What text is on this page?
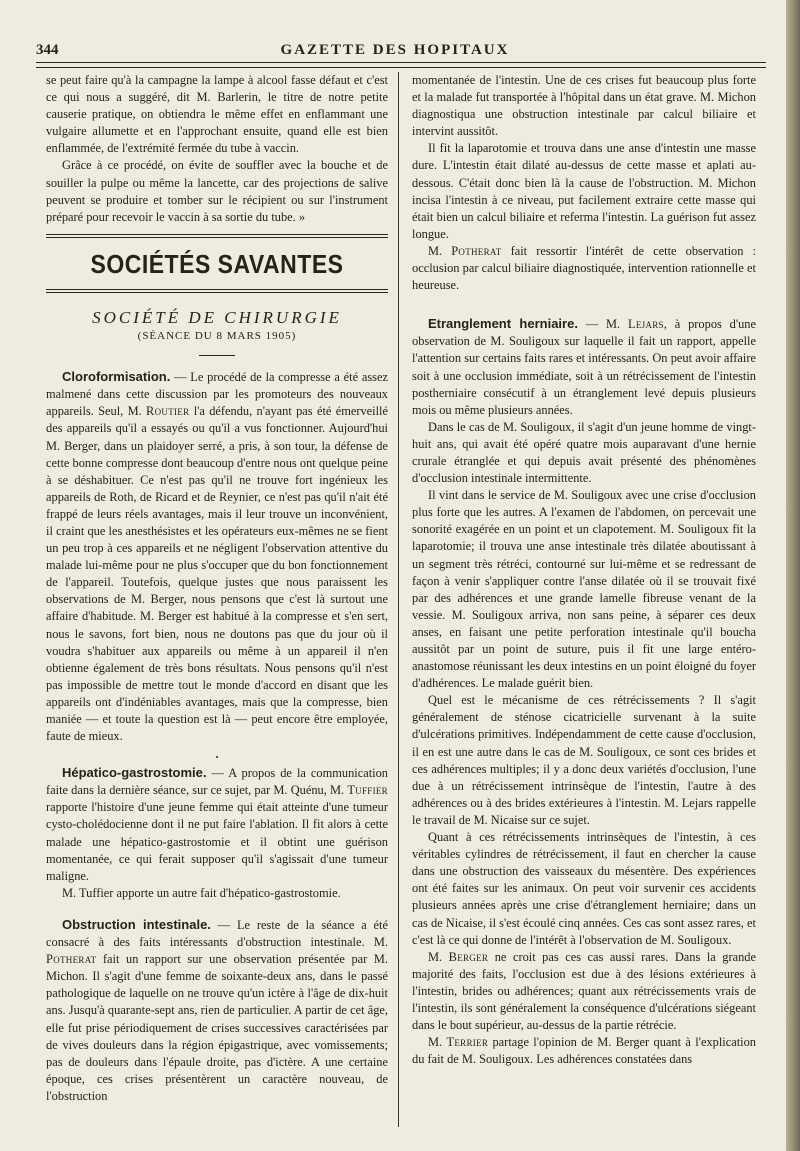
344	GAZETTE DES HOPITAUX

se peut faire qu'à la campagne la lampe à alcool fasse défaut et c'est ce qui nous a suggéré, dit M. Barlerin, le titre de notre petite causerie pratique, on obtiendra le même effet en enflammant une vulgaire allumette et en l'approchant ensuite, quand elle est bien enflammée, de l'extrémité fermée du tube à vaccin.

Grâce à ce procédé, on évite de souffler avec la bouche et de souiller la pulpe ou même la lancette, car des projections de salive peuvent se produire et tomber sur le récipient ou sur l'instrument préparé pour recevoir le vaccin à sa sortie du tube. »

SOCIÉTÉS SAVANTES
SOCIÉTÉ DE CHIRURGIE
(SÉANCE DU 8 MARS 1905)

Cloroformisation. — Le procédé de la compresse a été assez malmené dans cette discussion par les promoteurs des nouveaux appareils. Seul, M. Routier l'a défendu, n'ayant pas été émerveillé des appareils qu'il a essayés ou qu'il a vus fonctionner. Aujourd'hui M. Berger, dans un plaidoyer serré, a pris, à son tour, la défense de cette bonne compresse dont beaucoup d'entre nous ont quelque peine à se déshabituer. Ce n'est pas qu'il ne trouve fort ingénieux les appareils de Roth, de Ricard et de Reynier, ce n'est pas qu'il n'ait été frappé de leurs réels avantages, mais il leur trouve un inconvénient, il craint que les anesthésistes et les opérateurs eux-mêmes ne se fient un peu trop à ces appareils et ne négligent l'observation attentive du malade lui-même pour ne plus s'occuper que du bon fonctionnement de l'appareil. Toutefois, quelque justes que nous paraissent les observations de M. Berger, nous pensons que c'est là surtout une affaire d'habitude. M. Berger est habitué à la compresse et s'en sert, nous le savons, fort bien, nous ne doutons pas que du jour où il voudra s'habituer aux appareils ou même à un appareil il n'en obtienne également de très bons résultats. Nous pensons qu'il n'est pas impossible de mettre tout le monde d'accord en disant que les appareils ont d'indéniables avantages, mais que la compresse, bien maniée — et toute la question est là — peut encore être employée, faute de mieux.

•

Hépatico-gastrostomie. — A propos de la communication faite dans la dernière séance, sur ce sujet, par M. Quénu, M. Tuffier rapporte l'histoire d'une jeune femme qui était atteinte d'une tumeur cysto-cholédocienne dont il ne put faire l'ablation. Il fit alors à cette malade une hépatico-gastrostomie et il obtint une guérison momentanée, ce qui ferait supposer qu'il s'agissait d'une tumeur maligne.

M. Tuffier apporte un autre fait d'hépatico-gastrostomie.

Obstruction intestinale. — Le reste de la séance a été consacré à des faits intéressants d'obstruction intestinale. M. Potherat fait un rapport sur une observation présentée par M. Michon. Il s'agit d'une femme de soixante-deux ans, dans le passé pathologique de laquelle on ne trouve qu'un ictère à l'âge de dix-huit ans. Jusqu'à quarante-sept ans, rien de particulier. A partir de cet âge, elle fut prise périodiquement de crises successives caractérisées par de vives douleurs dans la région épigastrique, avec vomissements; pas de douleurs dans l'épaule droite, pas d'ictère. A une certaine époque, ces crises présentèrent un caractère nouveau, de l'obstruction

momentanée de l'intestin. Une de ces crises fut beaucoup plus forte et la malade fut transportée à l'hôpital dans un état grave. M. Michon diagnostiqua une obstruction intestinale par calcul biliaire et intervint aussitôt.

Il fit la laparotomie et trouva dans une anse d'intestin une masse dure. L'intestin était dilaté au-dessus de cette masse et aplati au-dessous. C'était donc bien là la cause de l'obstruction. M. Michon incisa l'intestin à ce niveau, put facilement extraire cette masse qui était bien un calcul biliaire et referma l'intestin. La guérison fut assez longue.

M. Potherat fait ressortir l'intérêt de cette observation : occlusion par calcul biliaire diagnostiquée, intervention rationnelle et heureuse.

Etranglement herniaire. — M. Lejars, à propos d'une observation de M. Souligoux sur laquelle il fait un rapport, appelle l'attention sur certains faits rares et intéressants. On peut avoir affaire soit à une occlusion immédiate, soit à un rétrécissement de l'intestin postherniaire consécutif à un étranglement levé depuis plusieurs mois ou même plusieurs années.

Dans le cas de M. Souligoux, il s'agit d'un jeune homme de vingt-huit ans, qui avait été opéré quatre mois auparavant d'une hernie crurale étranglée et qui depuis avait présenté des phénomènes d'occlusion intestinale intermittente.

Il vint dans le service de M. Souligoux avec une crise d'occlusion plus forte que les autres. A l'examen de l'abdomen, on percevait une sonorité exagérée en un point et un clapotement. M. Souligoux fit la laparotomie; il trouva une anse intestinale très dilatée aboutissant à un segment très rétréci, contourné sur lui-même et se redressant de façon à venir s'appliquer contre l'anse dilatée où il se trouvait fixé par des adhérences et une grande lamelle fibreuse venant de la vessie. M. Souligoux arriva, non sans peine, à séparer ces deux anses, en faisant une petite perforation intestinale qu'il boucha aussitôt par un point de suture, puis il fit une large entéro-anastomose réunissant les deux intestins en un point éloigné du foyer d'adhérences. Le malade guérit bien.

Quel est le mécanisme de ces rétrécissements ? Il s'agit généralement de sténose cicatricielle survenant à la suite d'ulcérations primitives. Indépendamment de cette cause d'occlusion, il en est une autre dans le cas de M. Souligoux, ce sont ces brides et ces adhérences multiples; il y a donc deux variétés d'occlusion, l'une due à un rétrécissement intrinsèque de l'intestin, l'autre à des adhérences ou à des brides extérieures à l'intestin. M. Lejars rappelle le travail de M. Nicaise sur ce sujet.

Quant à ces rétrécissements intrinsèques de l'intestin, à ces véritables cylindres de rétrécissement, il faut en chercher la cause dans une obstruction des vaisseaux du mésentère. Des expériences ont été faites sur les animaux. On peut voir survenir ces accidents plusieurs années après une crise d'étranglement herniaire; dans un cas de Nicaise, il s'est écoulé cinq années. Ces cas sont assez rares, et c'est là ce qui donne de l'intérêt à l'observation de M. Souligoux.

M. Berger ne croit pas ces cas aussi rares. Dans la grande majorité des faits, l'occlusion est due à des lésions extérieures à l'intestin, brides ou adhérences; quant aux rétrécissements vrais de l'intestin, ils sont généralement la conséquence d'ulcérations siégeant dans le bout supérieur, au-dessus de la partie rétrécie.

M. Terrier partage l'opinion de M. Berger quant à l'explication du fait de M. Souligoux. Les adhérences constatées dans
